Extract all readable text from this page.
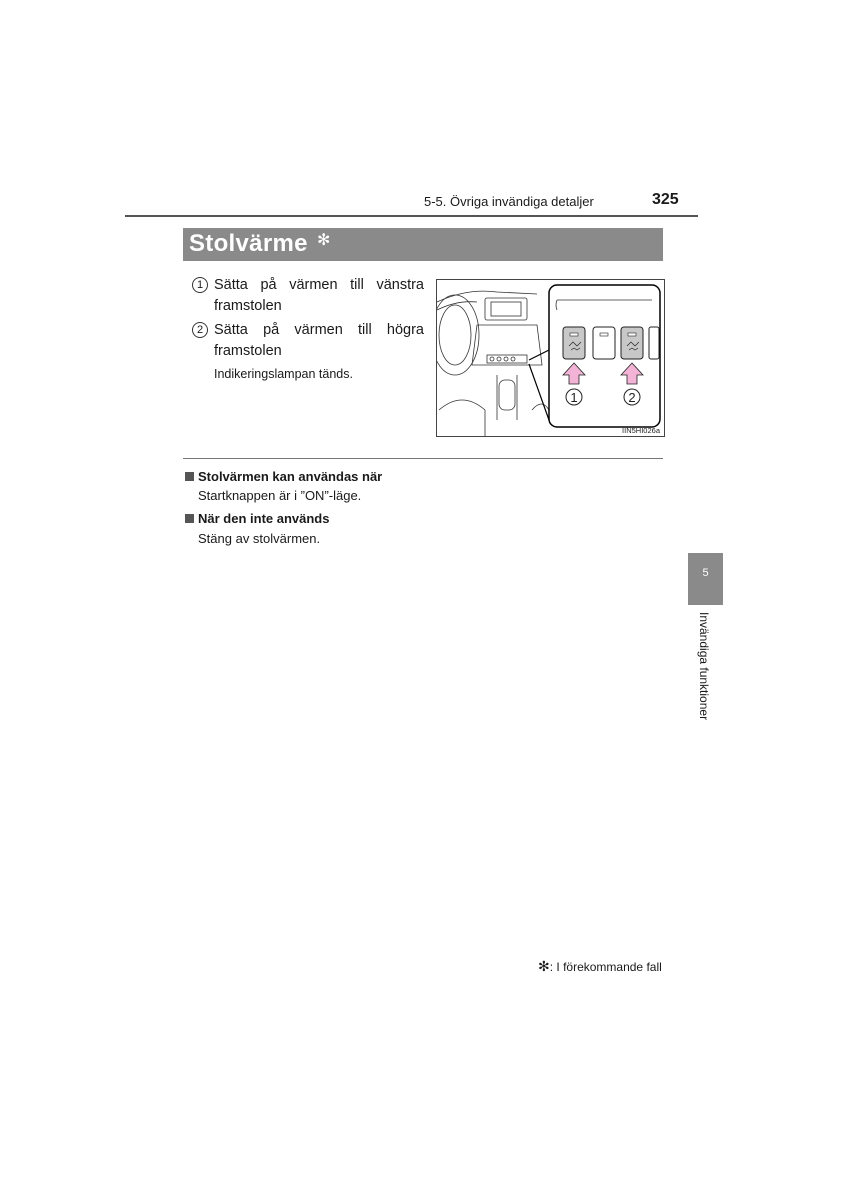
5-5. Övriga invändiga detaljer	325
Stolvärme ✻
1 Sätta på värmen till vänstra framstolen
2 Sätta på värmen till högra framstolen
Indikeringslampan tänds.
1	2
IIN5HI026a
Stolvärmen kan användas när
Startknappen är i ”ON”-läge.
När den inte används
Stäng av stolvärmen.
5
Invändiga funktioner
✻: I förekommande fall
